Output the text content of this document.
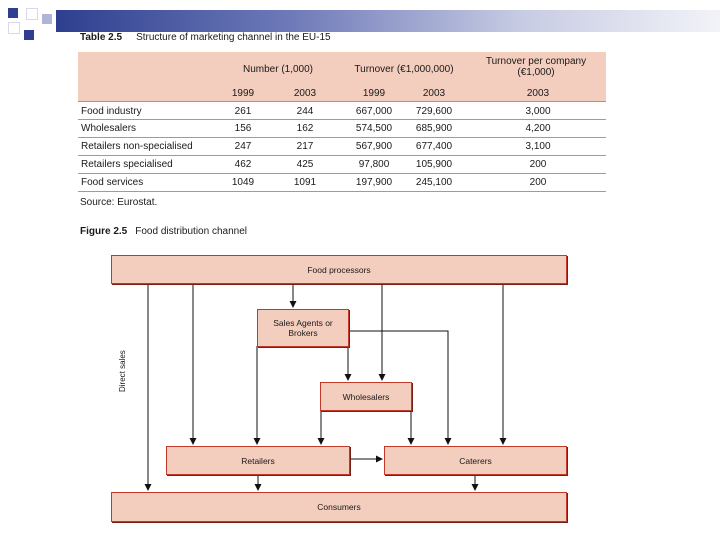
Table 2.5 Structure of marketing channel in the EU-15
Number (1,000)	Turnover (€1,000,000)
Turnover per company
(€1,000)
1999	2003	1999	2003	2003
Food industry	261	244	667,000	729,600	3,000
Wholesalers	156	162	574,500	685,900	4,200
Retailers non-specialised	247	217	567,900	677,400	3,100
Retailers specialised	462	425	97,800	105,900	200
Food services	1049	1091	197,900	245,100	200
Source: Eurostat.
Figure 2.5 Food distribution channel
Food processors
Sales Agents or
Brokers
Wholesalers
Retailers	Caterers
Consumers
Direct sales
